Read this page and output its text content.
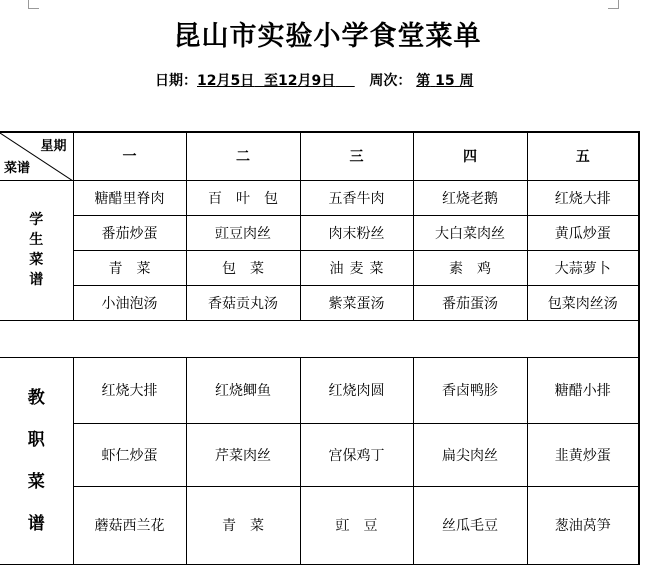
昆山市实验小学食堂菜单
日期：12月5日 至12月9日 周次： 第 15 周
星期
菜谱	一	二	三	四	五

学
生
菜
谱	糖醋里脊肉	百叶包	五香牛肉	红烧老鹅	红烧大排
	番茄炒蛋	豇豆肉丝	肉末粉丝	大白菜肉丝	黄瓜炒蛋
	青菜	包菜	油麦菜	素鸡	大蒜萝卜
	小油泡汤	香菇贡丸汤	紫菜蛋汤	番茄蛋汤	包菜肉丝汤

教
职
菜
谱	红烧大排	红烧鲫鱼	红烧肉圆	香卤鸭胗	糖醋小排
	虾仁炒蛋	芹菜肉丝	宫保鸡丁	扁尖肉丝	韭黄炒蛋
	蘑菇西兰花	青菜	豇豆	丝瓜毛豆	葱油莴笋
